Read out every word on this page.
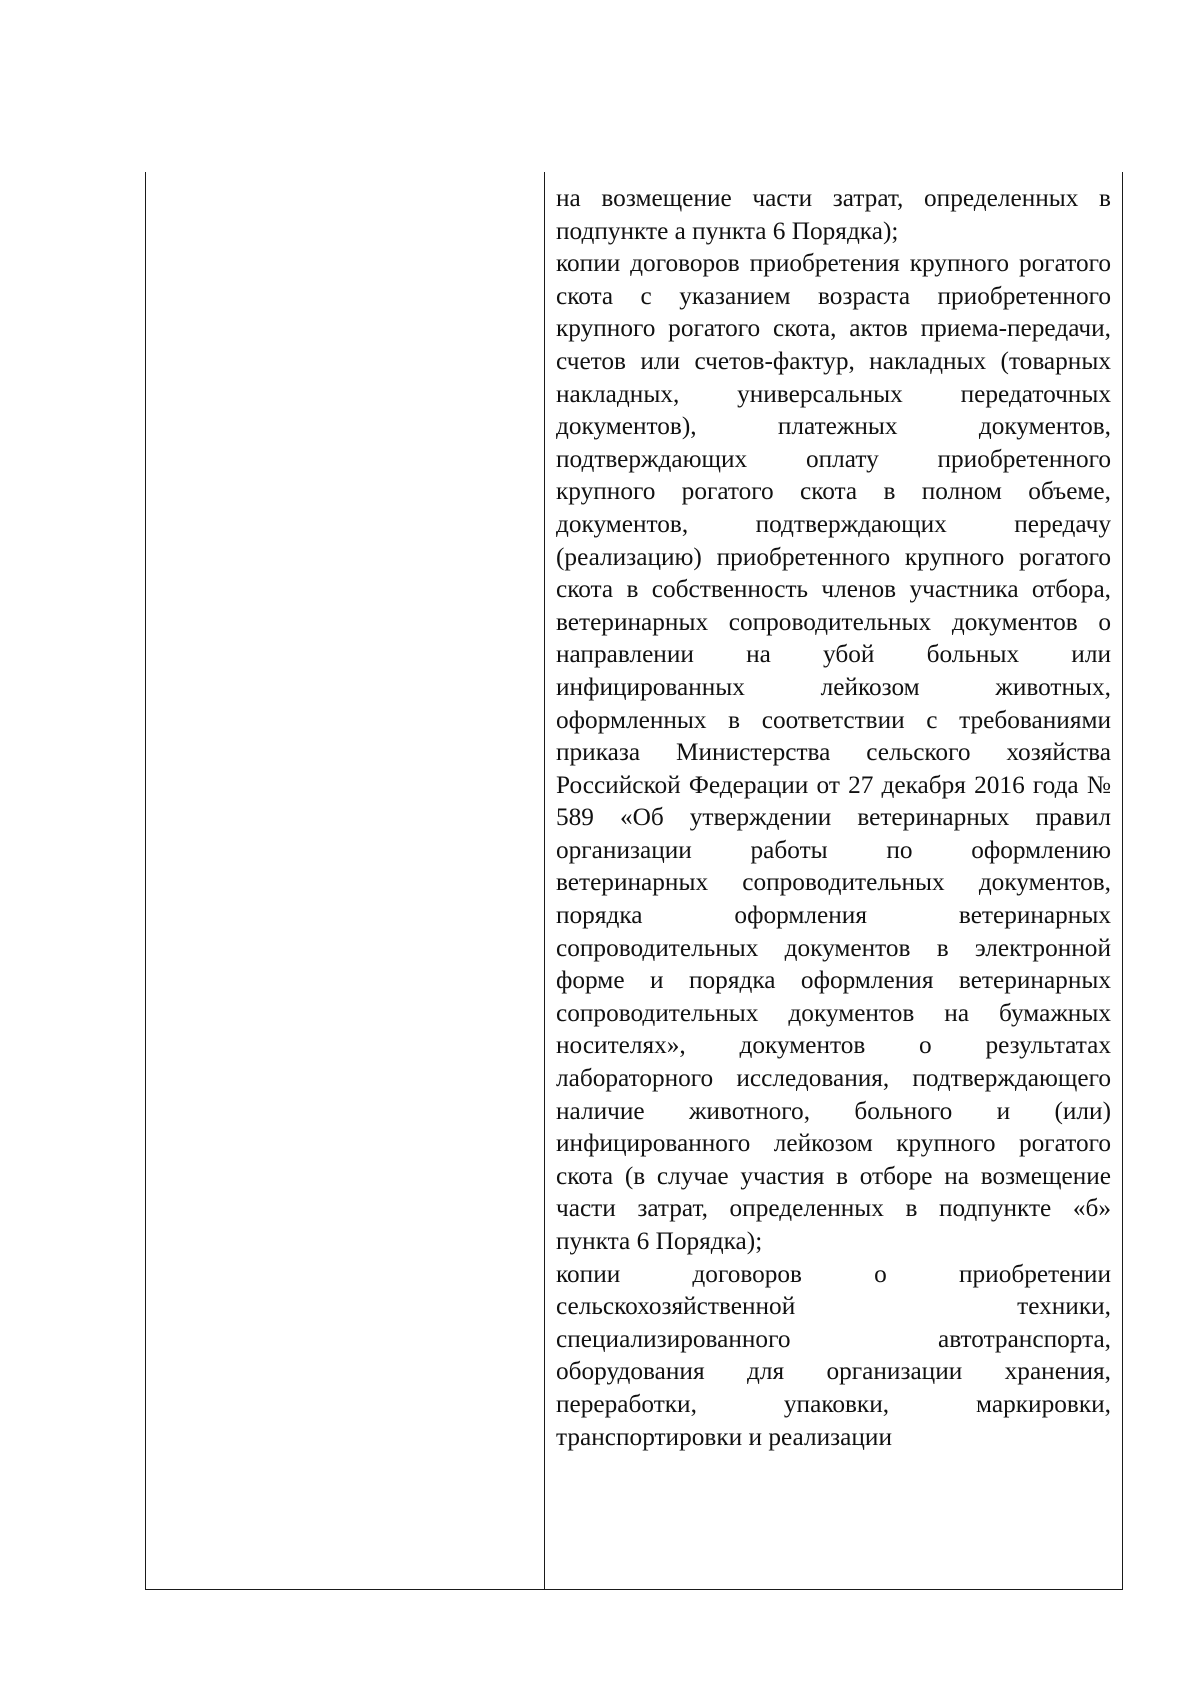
на возмещение части затрат, определенных в подпункте а пункта 6 Порядка);

копии договоров приобретения крупного рогатого скота с указанием возраста приобретенного крупного рогатого скота, актов приема-передачи, счетов или счетов-фактур, накладных (товарных накладных, универсальных передаточных документов), платежных документов, подтверждающих оплату приобретенного крупного рогатого скота в полном объеме, документов, подтверждающих передачу (реализацию) приобретенного крупного рогатого скота в собственность членов участника отбора, ветеринарных сопроводительных документов о направлении на убой больных или инфицированных лейкозом животных, оформленных в соответствии с требованиями приказа Министерства сельского хозяйства Российской Федерации от 27 декабря 2016 года № 589 «Об утверждении ветеринарных правил организации работы по оформлению ветеринарных сопроводительных документов, порядка оформления ветеринарных сопроводительных документов в электронной форме и порядка оформления ветеринарных сопроводительных документов на бумажных носителях», документов о результатах лабораторного исследования, подтверждающего наличие животного, больного и (или) инфицированного лейкозом крупного рогатого скота (в случае участия в отборе на возмещение части затрат, определенных в подпункте «б» пункта 6 Порядка);

копии договоров о приобретении сельскохозяйственной техники, специализированного автотранспорта, оборудования для организации хранения, переработки, упаковки, маркировки, транспортировки и реализации
